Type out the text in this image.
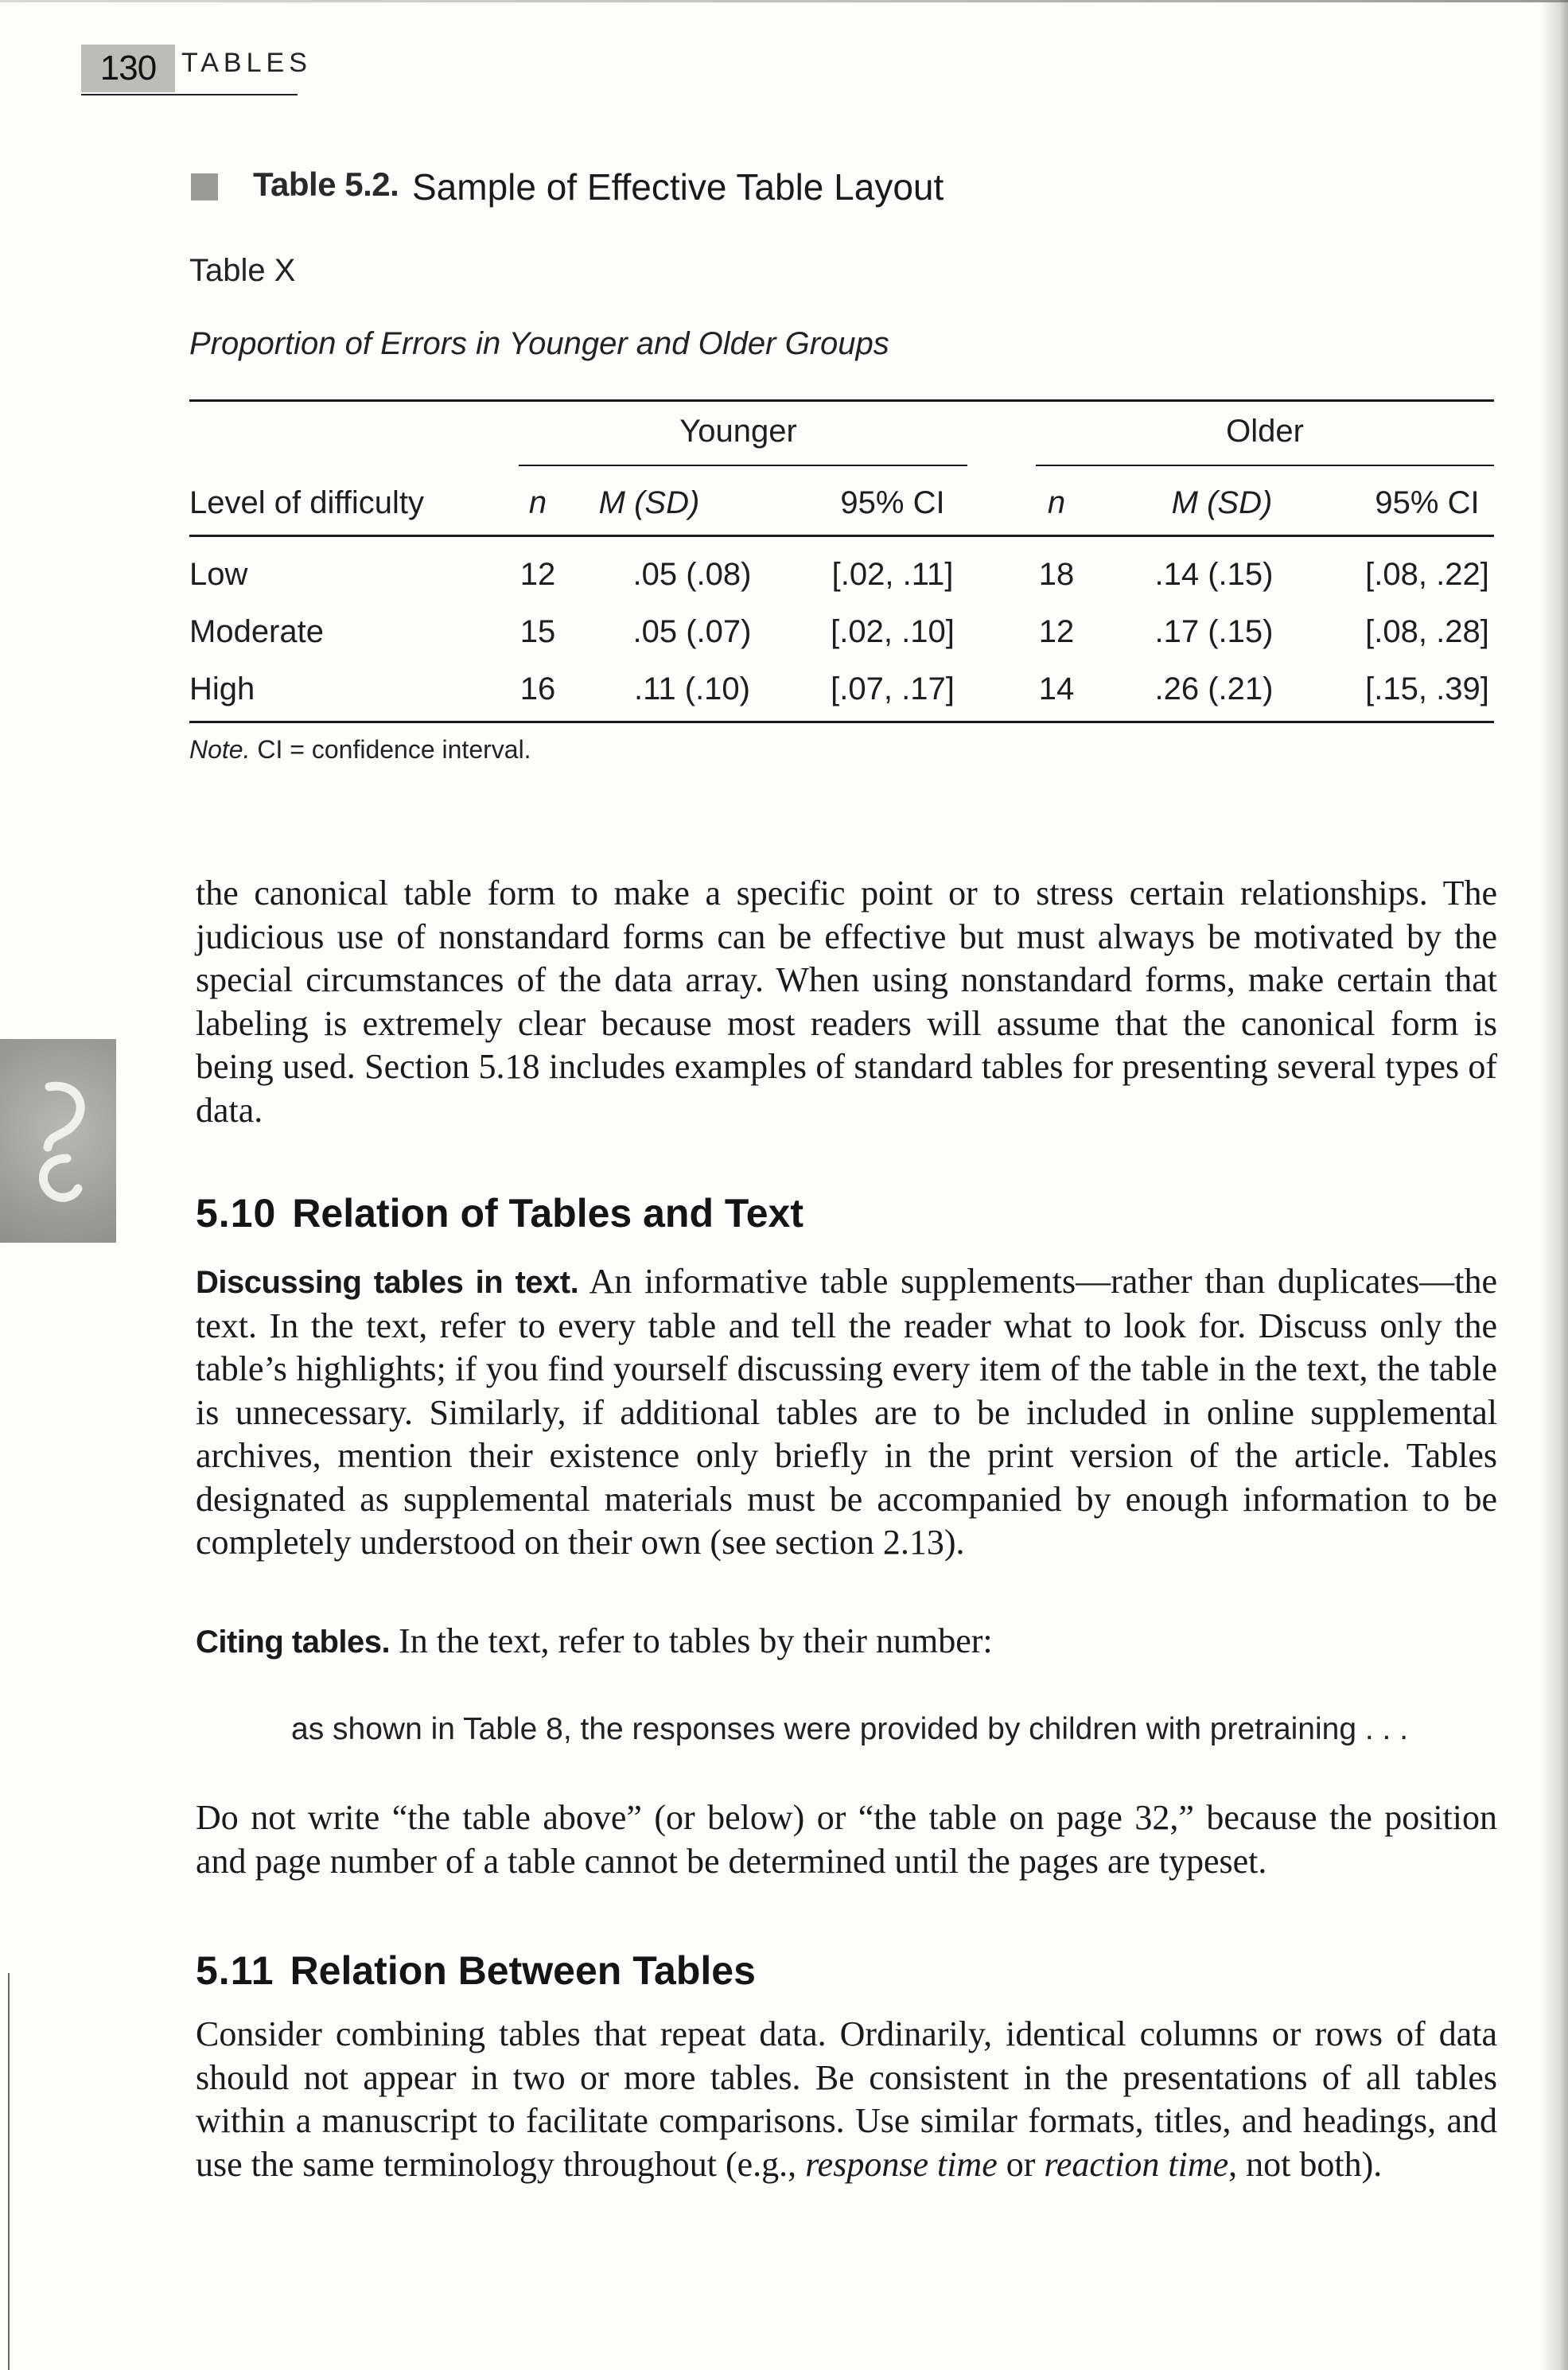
130 TABLES
Table 5.2. Sample of Effective Table Layout
Table X
Proportion of Errors in Younger and Older Groups
Younger	Older
Level of difficulty	n M (SD)	95% CI	n	M (SD)	95% CI
Low	12 .05 (.08)	[.02, .11]	18	.14 (.15)	[.08, .22]
Moderate	15 .05 (.07) [.02, .10]	12	.17 (.15)	[.08, .28]
High	16 .11 (.10)	[.07, .17]	14	.26 (.21)	[.15, .39]
Note. CI = confidence interval.
the canonical table form to make a specific point or to stress certain relationships. The judicious use of nonstandard forms can be effective but must always be motivated by the special circumstances of the data array. When using nonstandard forms, make certain that labeling is extremely clear because most readers will assume that the canonical form is being used. Section 5.18 includes examples of standard tables for presenting several types of data.
5.10 Relation of Tables and Text
Discussing tables in text. An informative table supplements—rather than duplicates—the text. In the text, refer to every table and tell the reader what to look for. Discuss only the table’s highlights; if you find yourself discussing every item of the table in the text, the table is unnecessary. Similarly, if additional tables are to be included in online supplemental archives, mention their existence only briefly in the print version of the article. Tables designated as supplemental materials must be accompanied by enough information to be completely understood on their own (see section 2.13).
Citing tables. In the text, refer to tables by their number:
as shown in Table 8, the responses were provided by children with pretraining . . .
Do not write “the table above” (or below) or “the table on page 32,” because the position and page number of a table cannot be determined until the pages are typeset.
5.11 Relation Between Tables
Consider combining tables that repeat data. Ordinarily, identical columns or rows of data should not appear in two or more tables. Be consistent in the presentations of all tables within a manuscript to facilitate comparisons. Use similar formats, titles, and headings, and use the same terminology throughout (e.g., response time or reaction time, not both).
